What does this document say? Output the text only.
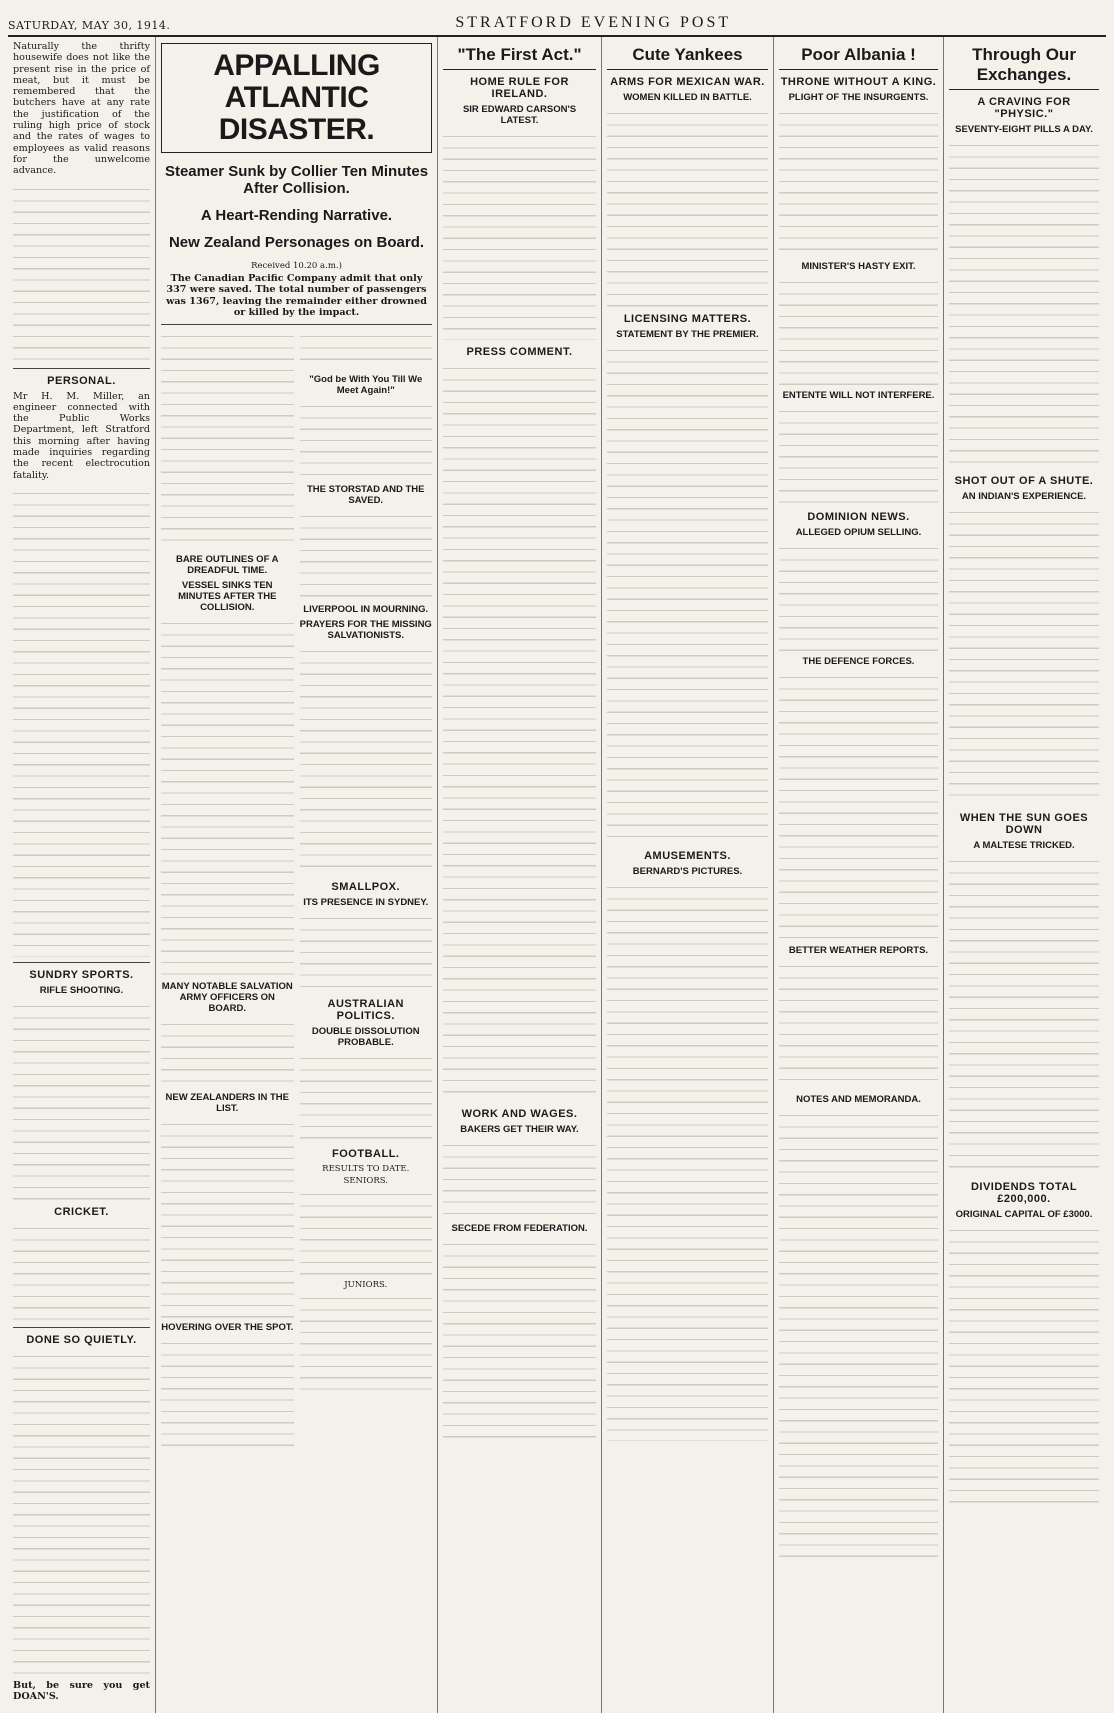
SATURDAY, MAY 30, 1914.	STRATFORD EVENING POST

Naturally the thrifty housewife does not like the present rise in the price of meat, but it must be remembered that the butchers have at any rate the justification of the ruling high price of stock and the rates of wages to employees as valid reasons for the unwelcome advance.

PERSONAL.

Mr H. M. Miller, an engineer connected with the Public Works Department, left Stratford this morning after having made inquiries regarding the recent electrocution fatality.

SUNDRY SPORTS.
RIFLE SHOOTING.
CRICKET.
DONE SO QUIETLY.
But, be sure you get DOAN'S.
APPALLING ATLANTIC DISASTER.
Steamer Sunk by Collier Ten Minutes After Collision.
A Heart-Rending Narrative.
New Zealand Personages on Board.
Received 10.20 a.m.)

The Canadian Pacific Company admit that only 337 were saved. The total number of passengers was 1367, leaving the remainder either drowned or killed by the impact.

BARE OUTLINES OF A DREADFUL TIME.
VESSEL SINKS TEN MINUTES AFTER THE COLLISION.
MANY NOTABLE SALVATION ARMY OFFICERS ON BOARD.
NEW ZEALANDERS IN THE LIST.
HOVERING OVER THE SPOT.
"God be With You Till We Meet Again!"
THE STORSTAD AND THE SAVED.
LIVERPOOL IN MOURNING.
PRAYERS FOR THE MISSING SALVATIONISTS.
SMALLPOX.
ITS PRESENCE IN SYDNEY.
AUSTRALIAN POLITICS.
DOUBLE DISSOLUTION PROBABLE.
FOOTBALL.
RESULTS TO DATE.
SENIORS.
JUNIORS.
"The First Act."
HOME RULE FOR IRELAND.
SIR EDWARD CARSON'S LATEST.
PRESS COMMENT.
WORK AND WAGES.
BAKERS GET THEIR WAY.
SECEDE FROM FEDERATION.
Cute Yankees
ARMS FOR MEXICAN WAR.
WOMEN KILLED IN BATTLE.
LICENSING MATTERS.
STATEMENT BY THE PREMIER.
AMUSEMENTS.
BERNARD'S PICTURES.
Poor Albania !
THRONE WITHOUT A KING.
PLIGHT OF THE INSURGENTS.
MINISTER'S HASTY EXIT.
ENTENTE WILL NOT INTERFERE.
DOMINION NEWS.
ALLEGED OPIUM SELLING.
THE DEFENCE FORCES.
BETTER WEATHER REPORTS.
NOTES AND MEMORANDA.
Through Our Exchanges.
A CRAVING FOR "PHYSIC."
SEVENTY-EIGHT PILLS A DAY.
SHOT OUT OF A SHUTE.
AN INDIAN'S EXPERIENCE.
WHEN THE SUN GOES DOWN
A MALTESE TRICKED.
DIVIDENDS TOTAL £200,000.
ORIGINAL CAPITAL OF £3000.
